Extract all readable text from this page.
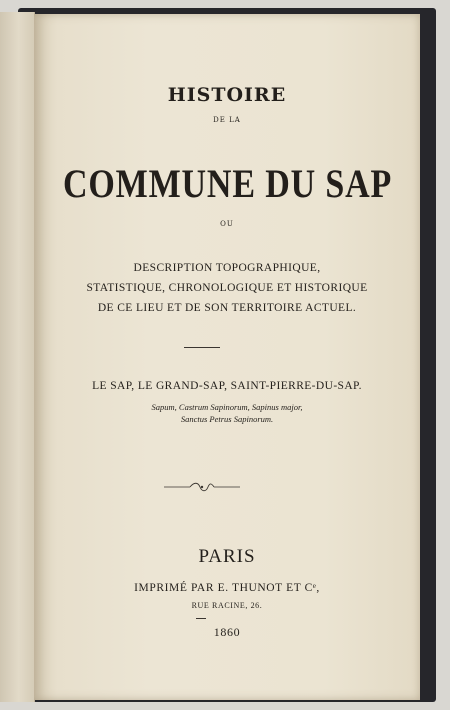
HISTOIRE
DE LA
COMMUNE DU SAP
OU
DESCRIPTION TOPOGRAPHIQUE,
STATISTIQUE, CHRONOLOGIQUE ET HISTORIQUE
DE CE LIEU ET DE SON TERRITOIRE ACTUEL.
LE SAP, LE GRAND-SAP, SAINT-PIERRE-DU-SAP.
Sapum, Castrum Sapinorum, Sapinus major,
Sanctus Petrus Sapinorum.
PARIS
IMPRIMÉ PAR E. THUNOT ET Cᵉ,
RUE RACINE, 26.
1860
